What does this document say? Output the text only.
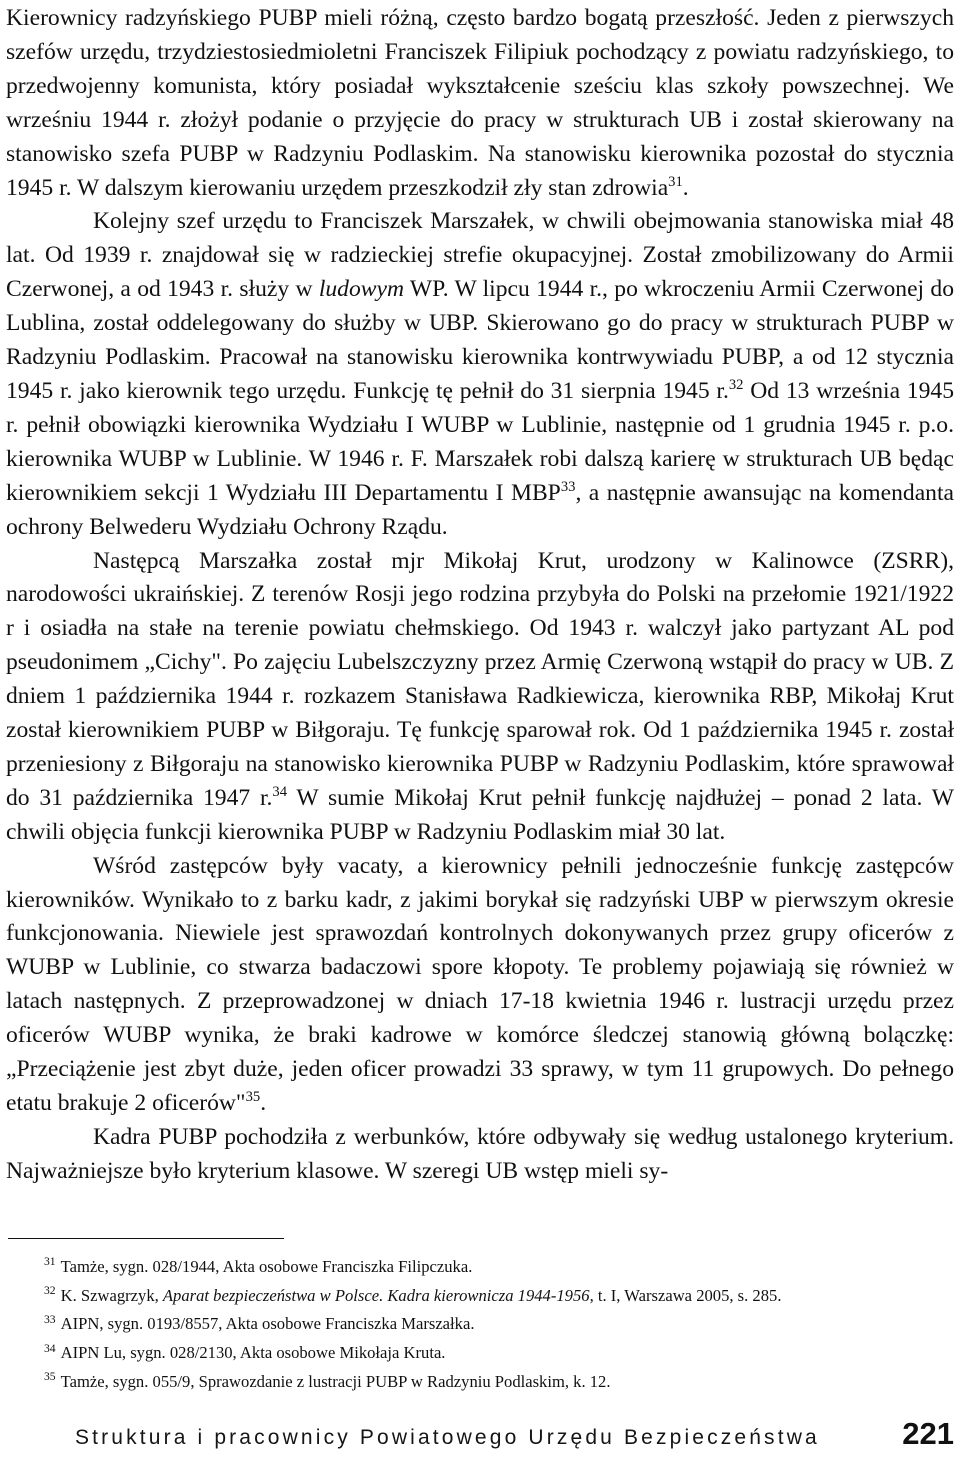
Kierownicy radzyńskiego PUBP mieli różną, często bardzo bogatą przeszłość. Jeden z pierwszych szefów urzędu, trzydziestosiedmioletni Franciszek Filipiuk pochodzący z powiatu radzyńskiego, to przedwojenny komunista, który posiadał wykształcenie sześciu klas szkoły powszechnej. We wrześniu 1944 r. złożył podanie o przyjęcie do pracy w strukturach UB i został skierowany na stanowisko szefa PUBP w Radzyniu Podlaskim. Na stanowisku kierownika pozostał do stycznia 1945 r. W dalszym kierowaniu urzędem przeszkodził zły stan zdrowia$^{31}$.

Kolejny szef urzędu to Franciszek Marszałek, w chwili obejmowania stanowiska miał 48 lat. Od 1939 r. znajdował się w radzieckiej strefie okupacyjnej. Został zmobilizowany do Armii Czerwonej, a od 1943 r. służy w ludowym WP. W lipcu 1944 r., po wkroczeniu Armii Czerwonej do Lublina, został oddelegowany do służby w UBP. Skierowano go do pracy w strukturach PUBP w Radzyniu Podlaskim. Pracował na stanowisku kierownika kontrwywiadu PUBP, a od 12 stycznia 1945 r. jako kierownik tego urzędu. Funkcję tę pełnił do 31 sierpnia 1945 r.$^{32}$ Od 13 września 1945 r. pełnił obowiązki kierownika Wydziału I WUBP w Lublinie, następnie od 1 grudnia 1945 r. p.o. kierownika WUBP w Lublinie. W 1946 r. F. Marszałek robi dalszą karierę w strukturach UB będąc kierownikiem sekcji 1 Wydziału III Departamentu I MBP$^{33}$, a następnie awansując na komendanta ochrony Belwederu Wydziału Ochrony Rządu.

Następcą Marszałka został mjr Mikołaj Krut, urodzony w Kalinowce (ZSRR), narodowości ukraińskiej. Z terenów Rosji jego rodzina przybyła do Polski na przełomie 1921/1922 r i osiadła na stałe na terenie powiatu chełmskiego. Od 1943 r. walczył jako partyzant AL pod pseudonimem „Cichy". Po zajęciu Lubelszczyzny przez Armię Czerwoną wstąpił do pracy w UB. Z dniem 1 października 1944 r. rozkazem Stanisława Radkiewicza, kierownika RBP, Mikołaj Krut został kierownikiem PUBP w Biłgoraju. Tę funkcję sparował rok. Od 1 października 1945 r. został przeniesiony z Biłgoraju na stanowisko kierownika PUBP w Radzyniu Podlaskim, które sprawował do 31 października 1947 r.$^{34}$ W sumie Mikołaj Krut pełnił funkcję najdłużej – ponad 2 lata. W chwili objęcia funkcji kierownika PUBP w Radzyniu Podlaskim miał 30 lat.

Wśród zastępców były vacaty, a kierownicy pełnili jednocześnie funkcję zastępców kierowników. Wynikało to z barku kadr, z jakimi borykał się radzyński UBP w pierwszym okresie funkcjonowania. Niewiele jest sprawozdań kontrolnych dokonywanych przez grupy oficerów z WUBP w Lublinie, co stwarza badaczowi spore kłopoty. Te problemy pojawiają się również w latach następnych. Z przeprowadzonej w dniach 17-18 kwietnia 1946 r. lustracji urzędu przez oficerów WUBP wynika, że braki kadrowe w komórce śledczej stanowią główną bolączkę: „Przeciążenie jest zbyt duże, jeden oficer prowadzi 33 sprawy, w tym 11 grupowych. Do pełnego etatu brakuje 2 oficerów"$^{35}$.

Kadra PUBP pochodziła z werbunków, które odbywały się według ustalonego kryterium. Najważniejsze było kryterium klasowe. W szeregi UB wstęp mieli sy-

$^{31}$ Tamże, sygn. 028/1944, Akta osobowe Franciszka Filipczuka.
$^{32}$ K. Szwagrzyk, Aparat bezpieczeństwa w Polsce. Kadra kierownicza 1944-1956, t. I, Warszawa 2005, s. 285.
$^{33}$ AIPN, sygn. 0193/8557, Akta osobowe Franciszka Marszałka.
$^{34}$ AIPN Lu, sygn. 028/2130, Akta osobowe Mikołaja Kruta.
$^{35}$ Tamże, sygn. 055/9, Sprawozdanie z lustracji PUBP w Radzyniu Podlaskim, k. 12.
Struktura i pracownicy Powiatowego Urzędu Bezpieczeństwa	221
